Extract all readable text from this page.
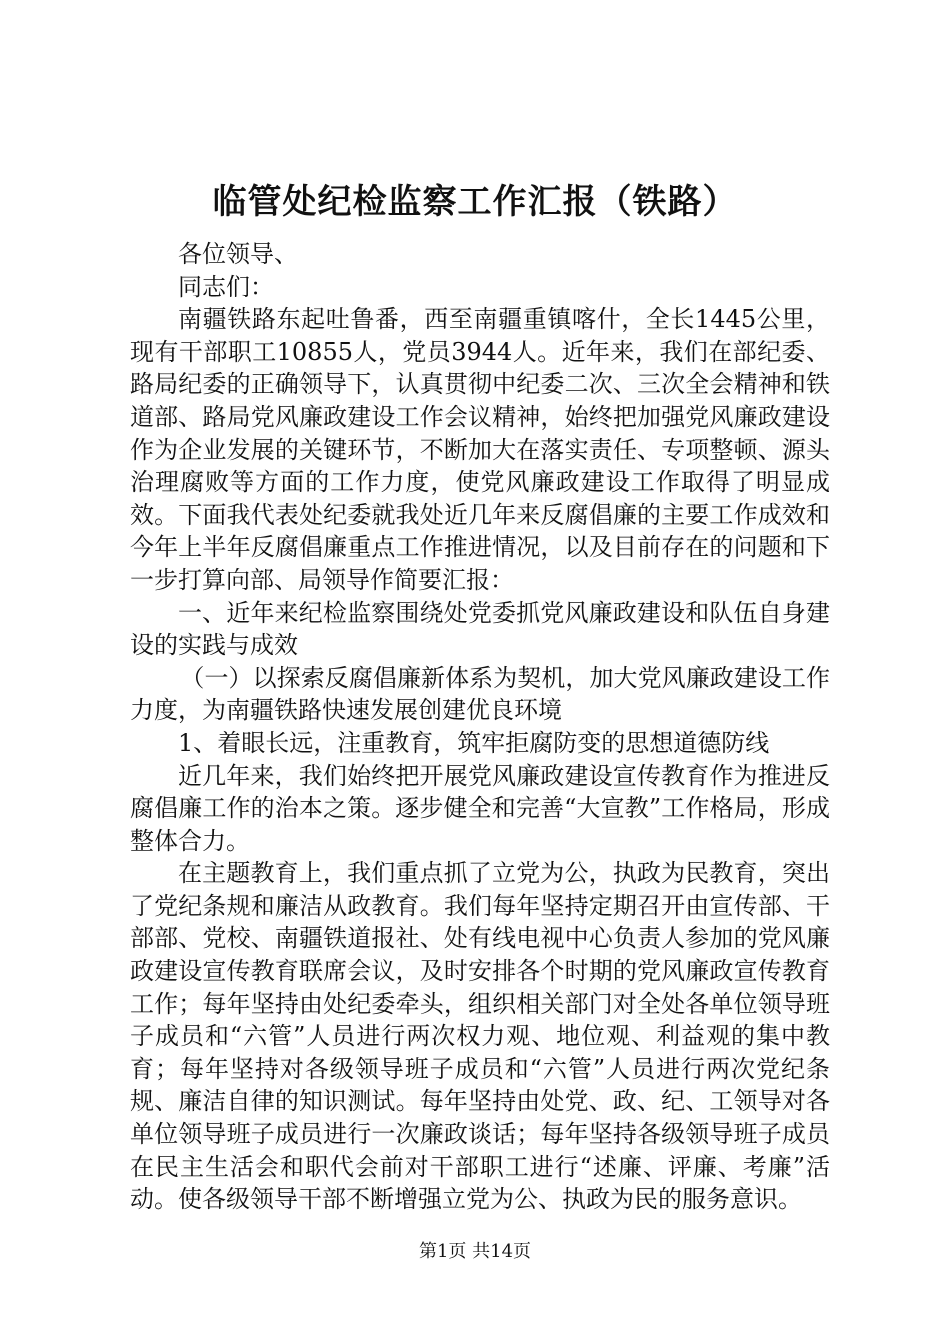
临管处纪检监察工作汇报（铁路）

各位领导、

同志们：

南疆铁路东起吐鲁番，西至南疆重镇喀什，全长1445公里，现有干部职工10855人，党员3944人。近年来，我们在部纪委、路局纪委的正确领导下，认真贯彻中纪委二次、三次全会精神和铁道部、路局党风廉政建设工作会议精神，始终把加强党风廉政建设作为企业发展的关键环节，不断加大在落实责任、专项整顿、源头治理腐败等方面的工作力度，使党风廉政建设工作取得了明显成效。下面我代表处纪委就我处近几年来反腐倡廉的主要工作成效和今年上半年反腐倡廉重点工作推进情况，以及目前存在的问题和下一步打算向部、局领导作简要汇报：

一、近年来纪检监察围绕处党委抓党风廉政建设和队伍自身建设的实践与成效

（一）以探索反腐倡廉新体系为契机，加大党风廉政建设工作力度，为南疆铁路快速发展创建优良环境

1、着眼长远，注重教育，筑牢拒腐防变的思想道德防线

近几年来，我们始终把开展党风廉政建设宣传教育作为推进反腐倡廉工作的治本之策。逐步健全和完善“大宣教”工作格局，形成整体合力。

在主题教育上，我们重点抓了立党为公，执政为民教育，突出了党纪条规和廉洁从政教育。我们每年坚持定期召开由宣传部、干部部、党校、南疆铁道报社、处有线电视中心负责人参加的党风廉政建设宣传教育联席会议，及时安排各个时期的党风廉政宣传教育工作；每年坚持由处纪委牵头，组织相关部门对全处各单位领导班子成员和“六管”人员进行两次权力观、地位观、利益观的集中教育；每年坚持对各级领导班子成员和“六管”人员进行两次党纪条规、廉洁自律的知识测试。每年坚持由处党、政、纪、工领导对各单位领导班子成员进行一次廉政谈话；每年坚持各级领导班子成员在民主生活会和职代会前对干部职工进行“述廉、评廉、考廉”活动。使各级领导干部不断增强立党为公、执政为民的服务意识。

第1页 共14页
